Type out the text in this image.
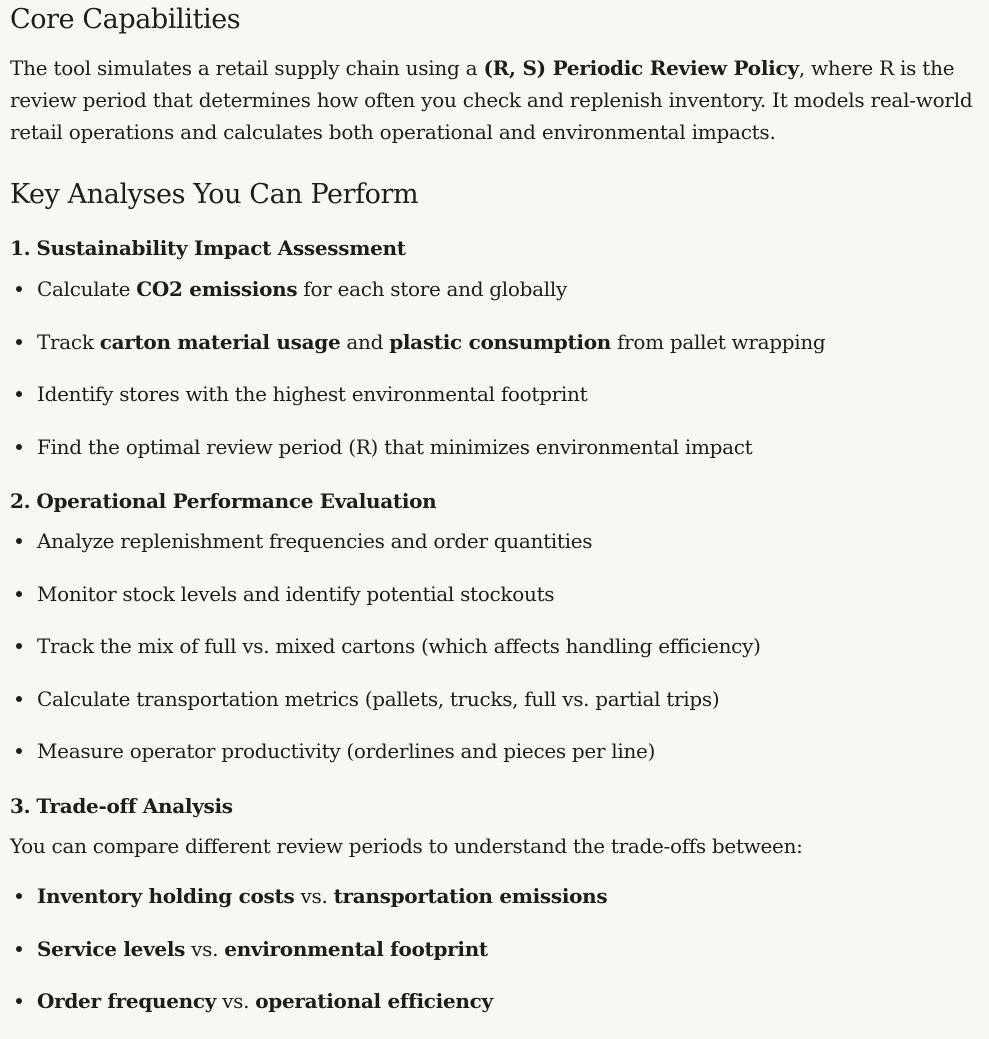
Core Capabilities

The tool simulates a retail supply chain using a (R, S) Periodic Review Policy, where R is the review period that determines how often you check and replenish inventory. It models real-world retail operations and calculates both operational and environmental impacts.

Key Analyses You Can Perform

1. Sustainability Impact Assessment

Calculate CO2 emissions for each store and globally
Track carton material usage and plastic consumption from pallet wrapping
Identify stores with the highest environmental footprint
Find the optimal review period (R) that minimizes environmental impact

2. Operational Performance Evaluation

Analyze replenishment frequencies and order quantities
Monitor stock levels and identify potential stockouts
Track the mix of full vs. mixed cartons (which affects handling efficiency)
Calculate transportation metrics (pallets, trucks, full vs. partial trips)
Measure operator productivity (orderlines and pieces per line)

3. Trade-off Analysis

You can compare different review periods to understand the trade-offs between:

Inventory holding costs vs. transportation emissions
Service levels vs. environmental footprint
Order frequency vs. operational efficiency
